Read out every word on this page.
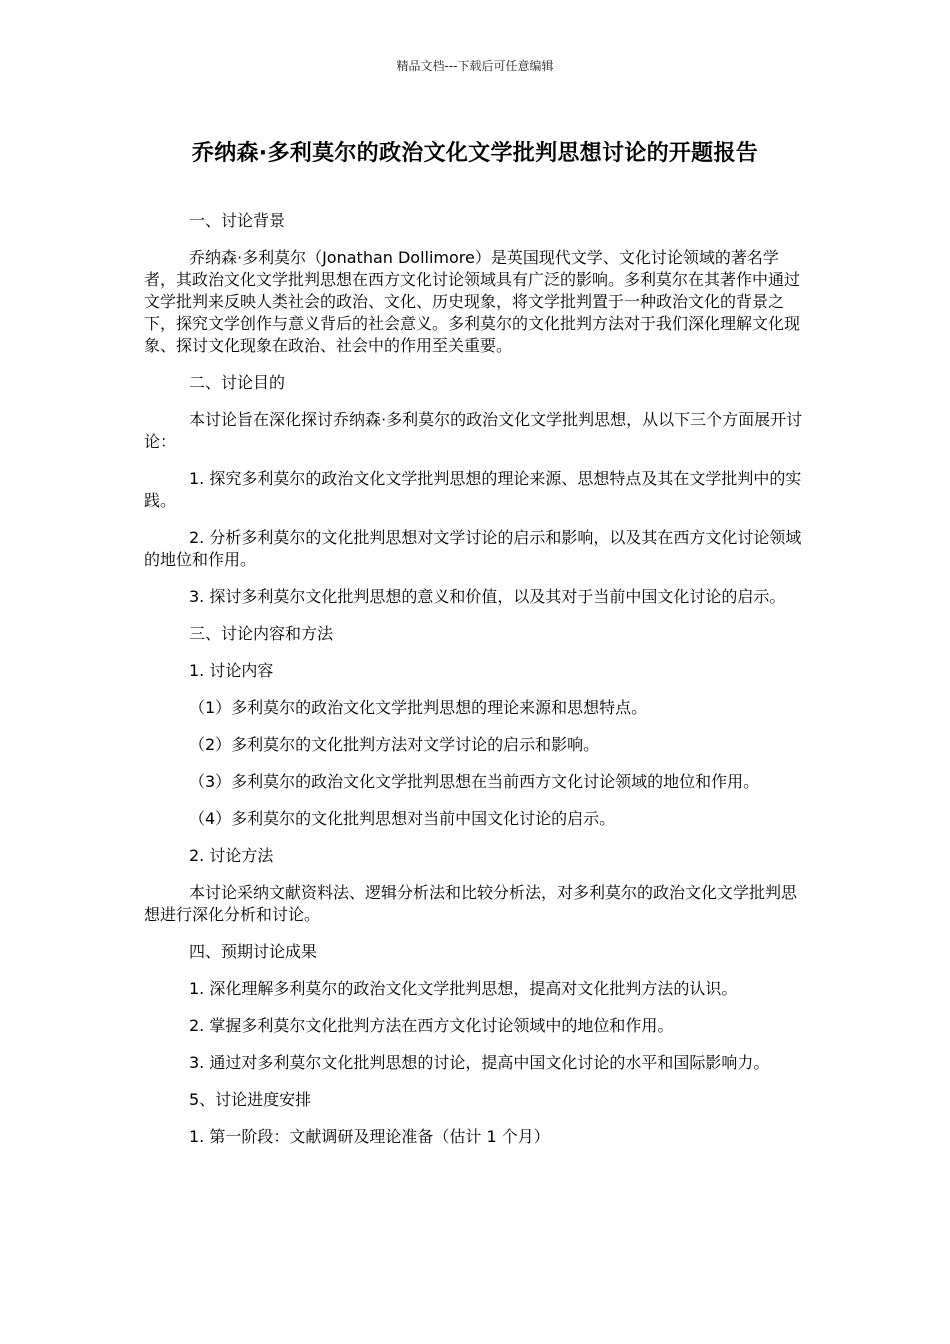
精品文档---下载后可任意编辑
乔纳森·多利莫尔的政治文化文学批判思想讨论的开题报告
一、讨论背景
乔纳森·多利莫尔（Jonathan Dollimore）是英国现代文学、文化讨论领域的著名学者，其政治文化文学批判思想在西方文化讨论领域具有广泛的影响。多利莫尔在其著作中通过文学批判来反映人类社会的政治、文化、历史现象，将文学批判置于一种政治文化的背景之下，探究文学创作与意义背后的社会意义。多利莫尔的文化批判方法对于我们深化理解文化现象、探讨文化现象在政治、社会中的作用至关重要。
二、讨论目的
本讨论旨在深化探讨乔纳森·多利莫尔的政治文化文学批判思想，从以下三个方面展开讨论：
1. 探究多利莫尔的政治文化文学批判思想的理论来源、思想特点及其在文学批判中的实践。
2. 分析多利莫尔的文化批判思想对文学讨论的启示和影响，以及其在西方文化讨论领域的地位和作用。
3. 探讨多利莫尔文化批判思想的意义和价值，以及其对于当前中国文化讨论的启示。
三、讨论内容和方法
1. 讨论内容
（1）多利莫尔的政治文化文学批判思想的理论来源和思想特点。
（2）多利莫尔的文化批判方法对文学讨论的启示和影响。
（3）多利莫尔的政治文化文学批判思想在当前西方文化讨论领域的地位和作用。
（4）多利莫尔的文化批判思想对当前中国文化讨论的启示。
2. 讨论方法
本讨论采纳文献资料法、逻辑分析法和比较分析法，对多利莫尔的政治文化文学批判思想进行深化分析和讨论。
四、预期讨论成果
1. 深化理解多利莫尔的政治文化文学批判思想，提高对文化批判方法的认识。
2. 掌握多利莫尔文化批判方法在西方文化讨论领域中的地位和作用。
3. 通过对多利莫尔文化批判思想的讨论，提高中国文化讨论的水平和国际影响力。
5、讨论进度安排
1. 第一阶段：文献调研及理论准备（估计 1 个月）
